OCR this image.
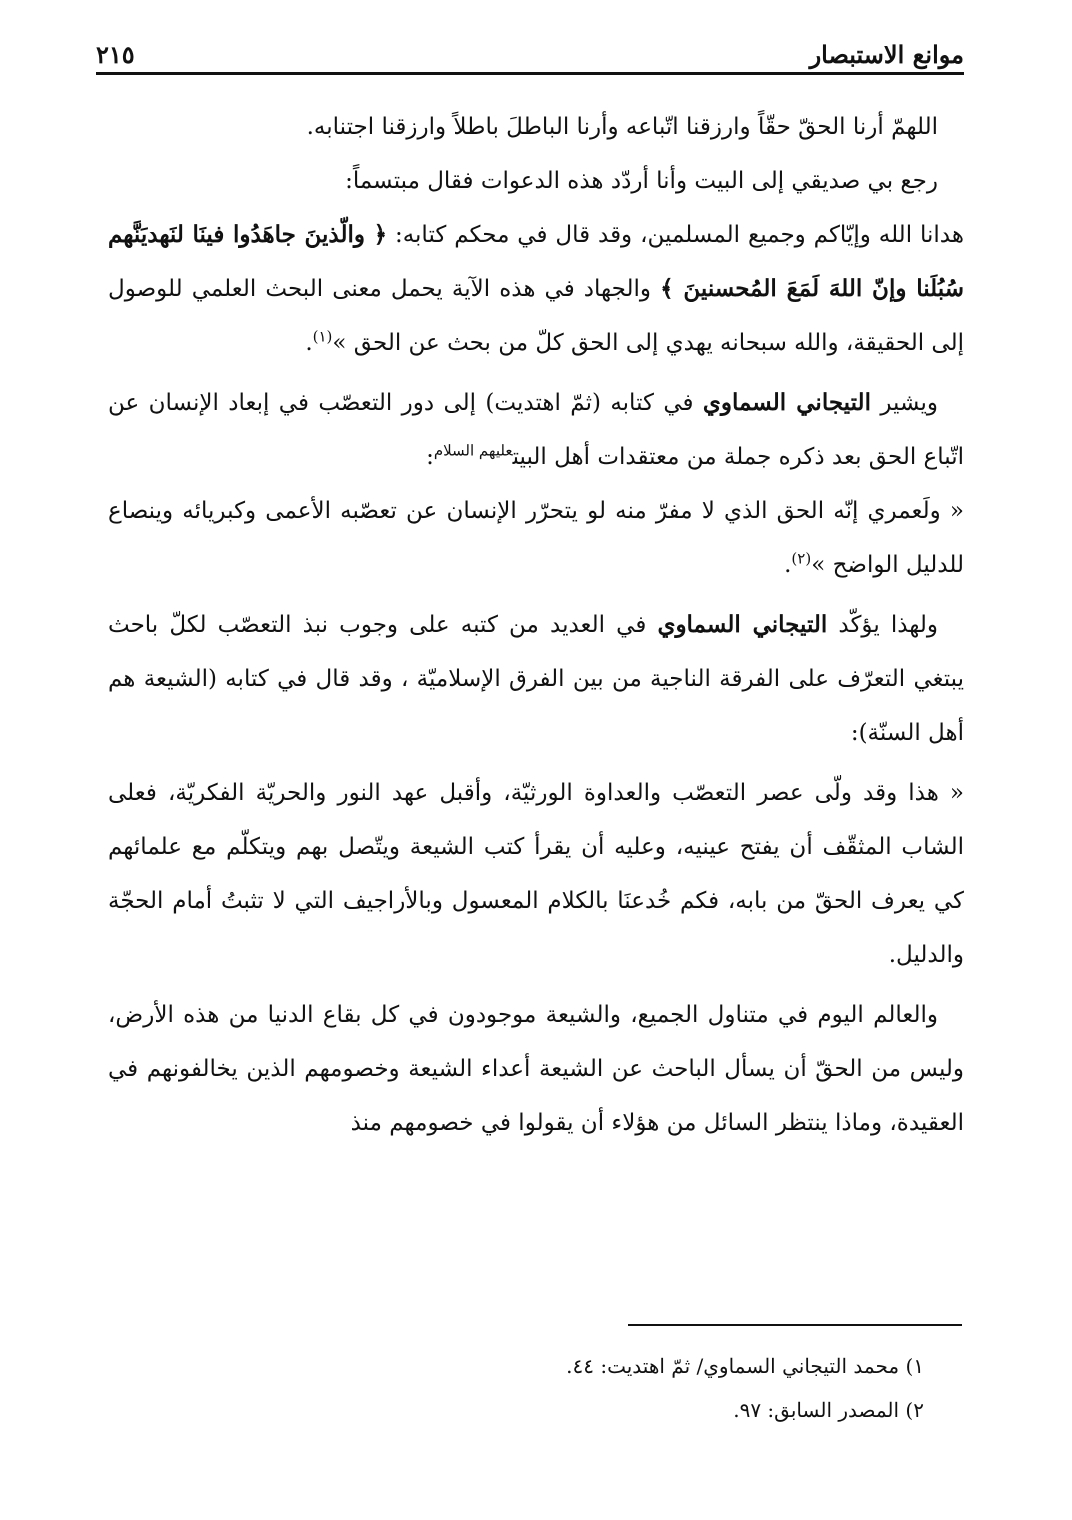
موانع الاستبصار
٢١٥

اللهمّ أرنا الحقّ حقّاً وارزقنا اتّباعه وأرنا الباطلَ باطلاً وارزقنا اجتنابه.

رجع بي صديقي إلى البيت وأنا أردّد هذه الدعوات فقال مبتسماً:

هدانا الله وإيّاكم وجميع المسلمين، وقد قال في محكم كتابه: ﴿ والّذينَ جاهَدُوا فينَا لنَهديَنَّهم سُبُلَنا وإنّ اللهَ لَمَعَ المُحسنينَ ﴾ والجهاد في هذه الآية يحمل معنى البحث العلمي للوصول إلى الحقيقة، والله سبحانه يهدي إلى الحق كلّ من بحث عن الحق »$^{(١)}$.

ويشير التيجاني السماوي في كتابه (ثمّ اهتديت) إلى دور التعصّب في إبعاد الإنسان عن اتّباع الحق بعد ذكره جملة من معتقدات أهل البيت$^{عليهم السلام}$:

« ولَعمري إنّه الحق الذي لا مفرّ منه لو يتحرّر الإنسان عن تعصّبه الأعمى وكبريائه وينصاع للدليل الواضح »$^{(٢)}$.

ولهذا يؤكّد التيجاني السماوي في العديد من كتبه على وجوب نبذ التعصّب لكلّ باحث يبتغي التعرّف على الفرقة الناجية من بين الفرق الإسلاميّة ، وقد قال في كتابه (الشيعة هم أهل السنّة):

« هذا وقد ولّى عصر التعصّب والعداوة الورثيّة، وأقبل عهد النور والحريّة الفكريّة، فعلى الشاب المثقّف أن يفتح عينيه، وعليه أن يقرأ كتب الشيعة ويتّصل بهم ويتكلّم مع علمائهم كي يعرف الحقّ من بابه، فكم خُدعنَا بالكلام المعسول وبالأراجيف التي لا تثبتُ أمام الحجّة والدليل.

والعالم اليوم في متناول الجميع، والشيعة موجودون في كل بقاع الدنيا من هذه الأرض، وليس من الحقّ أن يسأل الباحث عن الشيعة أعداء الشيعة وخصومهم الذين يخالفونهم في العقيدة، وماذا ينتظر السائل من هؤلاء أن يقولوا في خصومهم منذ

١) محمد التيجاني السماوي/ ثمّ اهتديت: ٤٤.
٢) المصدر السابق: ٩٧.
